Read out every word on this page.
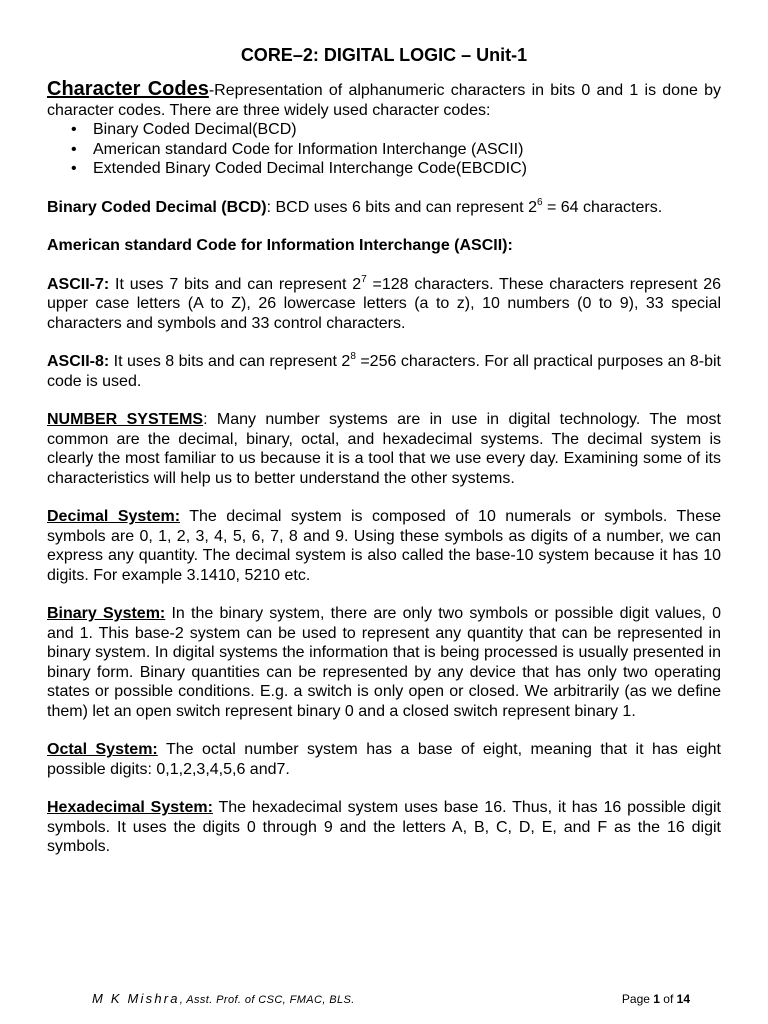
CORE–2: DIGITAL LOGIC – Unit-1

Character Codes-Representation of alphanumeric characters in bits 0 and 1 is done by character codes. There are three widely used character codes:

• Binary Coded Decimal(BCD)
• American standard Code for Information Interchange (ASCII)
• Extended Binary Coded Decimal Interchange Code(EBCDIC)

Binary Coded Decimal (BCD): BCD uses 6 bits and can represent $2^6 = 64$ characters.

American standard Code for Information Interchange (ASCII):

ASCII-7: It uses 7 bits and can represent $2^7 =128$ characters. These characters represent 26 upper case letters (A to Z), 26 lowercase letters (a to z), 10 numbers (0 to 9), 33 special characters and symbols and 33 control characters.

ASCII-8: It uses 8 bits and can represent $2^8 =256$ characters. For all practical purposes an 8-bit code is used.

NUMBER SYSTEMS: Many number systems are in use in digital technology. The most common are the decimal, binary, octal, and hexadecimal systems. The decimal system is clearly the most familiar to us because it is a tool that we use every day. Examining some of its characteristics will help us to better understand the other systems.

Decimal System: The decimal system is composed of 10 numerals or symbols. These symbols are 0, 1, 2, 3, 4, 5, 6, 7, 8 and 9. Using these symbols as digits of a number, we can express any quantity. The decimal system is also called the base-10 system because it has 10 digits. For example 3.1410, 5210 etc.

Binary System: In the binary system, there are only two symbols or possible digit values, 0 and 1. This base-2 system can be used to represent any quantity that can be represented in binary system. In digital systems the information that is being processed is usually presented in binary form. Binary quantities can be represented by any device that has only two operating states or possible conditions. E.g. a switch is only open or closed. We arbitrarily (as we define them) let an open switch represent binary 0 and a closed switch represent binary 1.

Octal System: The octal number system has a base of eight, meaning that it has eight possible digits: 0,1,2,3,4,5,6 and7.

Hexadecimal System: The hexadecimal system uses base 16. Thus, it has 16 possible digit symbols. It uses the digits 0 through 9 and the letters A, B, C, D, E, and F as the 16 digit symbols.

M K Mishra, Asst. Prof. of CSC, FMAC, BLS.	Page 1 of 14
